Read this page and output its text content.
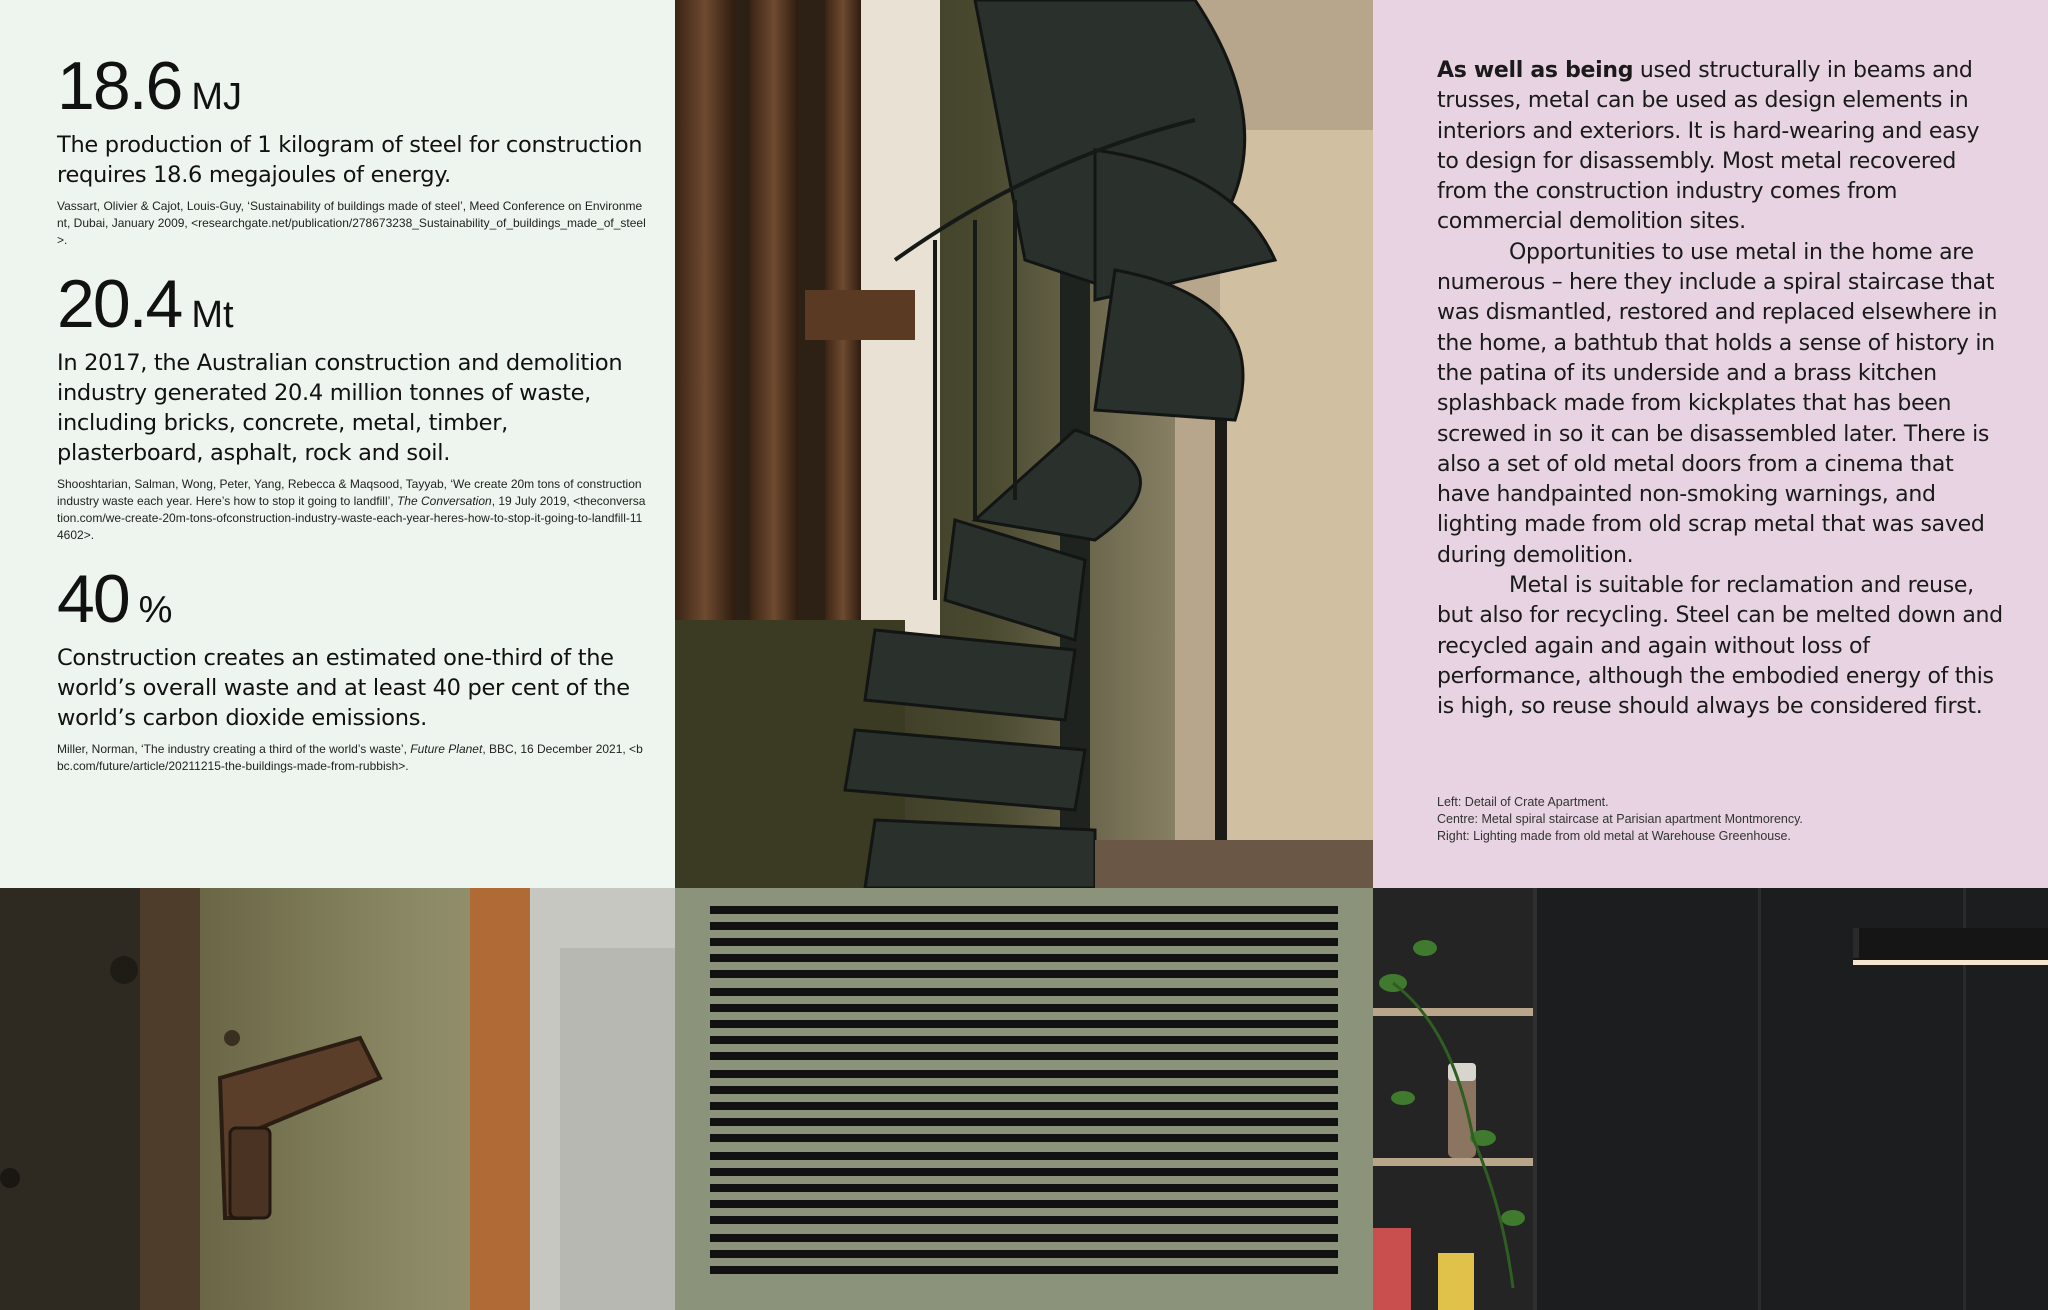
18.6 MJ
The production of 1 kilogram of steel for construction requires 18.6 megajoules of energy.
Vassart, Olivier & Cajot, Louis-Guy, ‘Sustainability of buildings made of steel’, Meed Conference on Environment, Dubai, January 2009, <researchgate.net/publication/278673238_Sustainability_of_buildings_made_of_steel>.
20.4 Mt
In 2017, the Australian construction and demolition industry generated 20.4 million tonnes of waste, including bricks, concrete, metal, timber, plasterboard, asphalt, rock and soil.
Shooshtarian, Salman, Wong, Peter, Yang, Rebecca & Maqsood, Tayyab, ‘We create 20m tons of construction industry waste each year. Here’s how to stop it going to landfill’, The Conversation, 19 July 2019, <theconversation.com/we-create-20m-tons-ofconstruction-industry-waste-each-year-heres-how-to-stop-it-going-to-landfill-114602>.
40 %
Construction creates an estimated one-third of the world’s overall waste and at least 40 per cent of the world’s carbon dioxide emissions.
Miller, Norman, ‘The industry creating a third of the world’s waste’, Future Planet, BBC, 16 December 2021, <bbc.com/future/article/20211215-the-buildings-made-from-rubbish>.

As well as being used structurally in beams and trusses, metal can be used as design elements in interiors and exteriors. It is hard-wearing and easy to design for disassembly. Most metal recovered from the construction industry comes from commercial demolition sites.

Opportunities to use metal in the home are numerous – here they include a spiral staircase that was dismantled, restored and replaced elsewhere in the home, a bathtub that holds a sense of history in the patina of its underside and a brass kitchen splashback made from kickplates that has been screwed in so it can be disassembled later. There is also a set of old metal doors from a cinema that have handpainted non-smoking warnings, and lighting made from old scrap metal that was saved during demolition.

Metal is suitable for reclamation and reuse, but also for recycling. Steel can be melted down and recycled again and again without loss of performance, although the embodied energy of this is high, so reuse should always be considered first.

Left: Detail of Crate Apartment.
Centre: Metal spiral staircase at Parisian apartment Montmorency.
Right: Lighting made from old metal at Warehouse Greenhouse.
